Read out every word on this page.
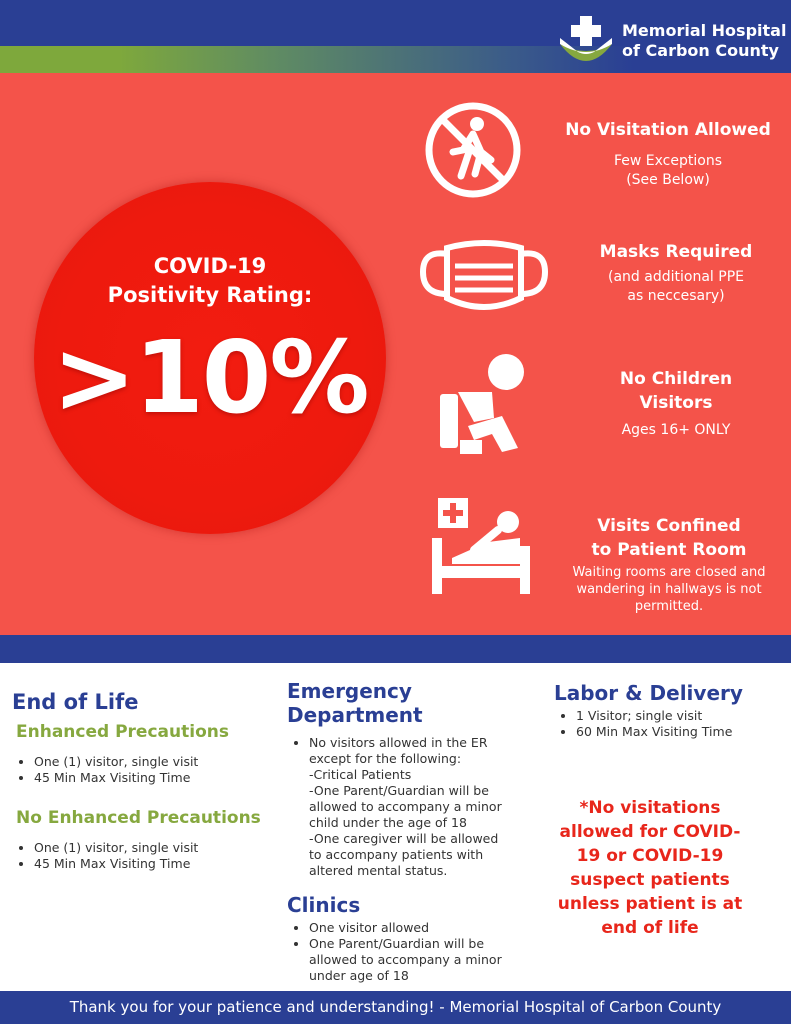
Memorial Hospital
of Carbon County
COVID-19
Positivity Rating:
>10%
No Visitation Allowed
Few Exceptions
(See Below)
Masks Required
(and additional PPE
as neccesary)
No Children
Visitors
Ages 16+ ONLY
Visits Confined
to Patient Room
Waiting rooms are closed and
wandering in hallways is not
permitted.
End of Life
Enhanced Precautions
• One (1) visitor, single visit
• 45 Min Max Visiting Time
No Enhanced Precautions
• One (1) visitor, single visit
• 45 Min Max Visiting Time
Emergency
Department
• No visitors allowed in the ER
except for the following:
-Critical Patients
-One Parent/Guardian will be
allowed to accompany a minor
child under the age of 18
-One caregiver will be allowed
to accompany patients with
altered mental status.
Clinics
• One visitor allowed
• One Parent/Guardian will be
allowed to accompany a minor
under age of 18
Labor & Delivery
• 1 Visitor; single visit
• 60 Min Max Visiting Time
*No visitations
allowed for COVID-
19 or COVID-19
suspect patients
unless patient is at
end of life
Thank you for your patience and understanding! - Memorial Hospital of Carbon County
